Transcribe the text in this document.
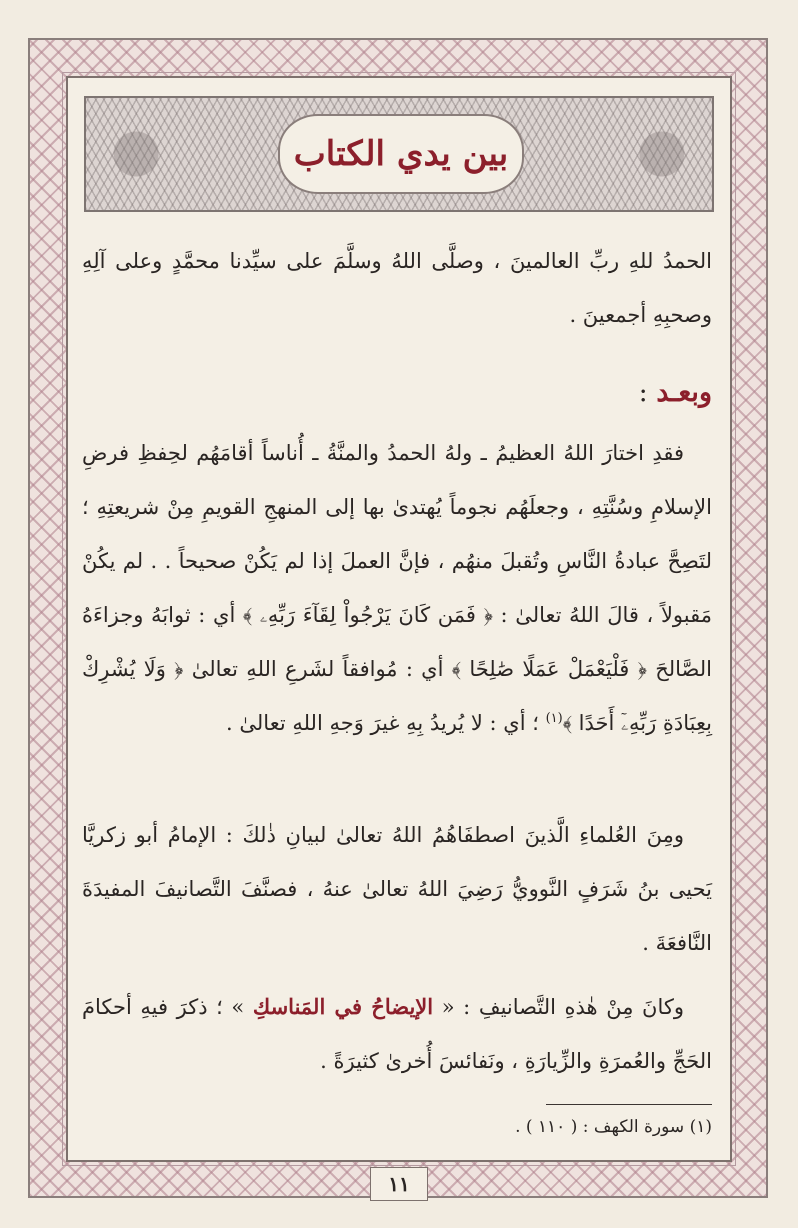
بين يدي الكتاب
الحمدُ للهِ ربِّ العالمينَ ، وصلَّى اللهُ وسلَّمَ على سيِّدنا محمَّدٍ وعلى آلِهِ وصحبِهِ أجمعينَ .
وبعـد :
فقدِ اختارَ اللهُ العظيمُ ـ ولهُ الحمدُ والمنَّةُ ـ أُناساً أقامَهُم لحِفظِ فرضِ الإسلامِ وسُنَّتِهِ ، وجعلَهُم نجوماً يُهتدىٰ بها إلى المنهجِ القويمِ مِنْ شريعتِهِ ؛ لتَصِحَّ عبادةُ النَّاسِ وتُقبلَ منهُم ، فإنَّ العملَ إذا لم يَكُنْ صحيحاً . . لم يكُنْ مَقبولاً ، قالَ اللهُ تعالىٰ : ﴿ فَمَن كَانَ يَرْجُواْ لِقَآءَ رَبِّهِۦ ﴾ أي : ثوابَهُ وجزاءَهُ الصَّالحَ ﴿ فَلْيَعْمَلْ عَمَلًا صَٰلِحًا ﴾ أي : مُوافقاً لشَرعِ اللهِ تعالىٰ ﴿ وَلَا يُشْرِكْ بِعِبَادَةِ رَبِّهِۦٓ أَحَدًا ﴾$^{(١)}$ ؛ أي : لا يُريدُ بِهِ غيرَ وَجهِ اللهِ تعالىٰ .
ومِنَ العُلماءِ الَّذينَ اصطفَاهُمُ اللهُ تعالىٰ لبيانِ ذٰلكَ : الإمامُ أبو زكريَّا يَحيى بنُ شَرَفٍ النَّوويُّ رَضِيَ اللهُ تعالىٰ عنهُ ، فصنَّفَ التَّصانيفَ المفيدَةَ النَّافعَةَ .
وكانَ مِنْ هٰذهِ التَّصانيفِ : « الإيضاحُ في المَناسكِ » ؛ ذكرَ فيهِ أحكامَ الحَجِّ والعُمرَةِ والزِّيارَةِ ، ونَفائسَ أُخرىٰ كثيرَةً .
(١) سورة الكهف : ( ١١٠ ) .
١١
